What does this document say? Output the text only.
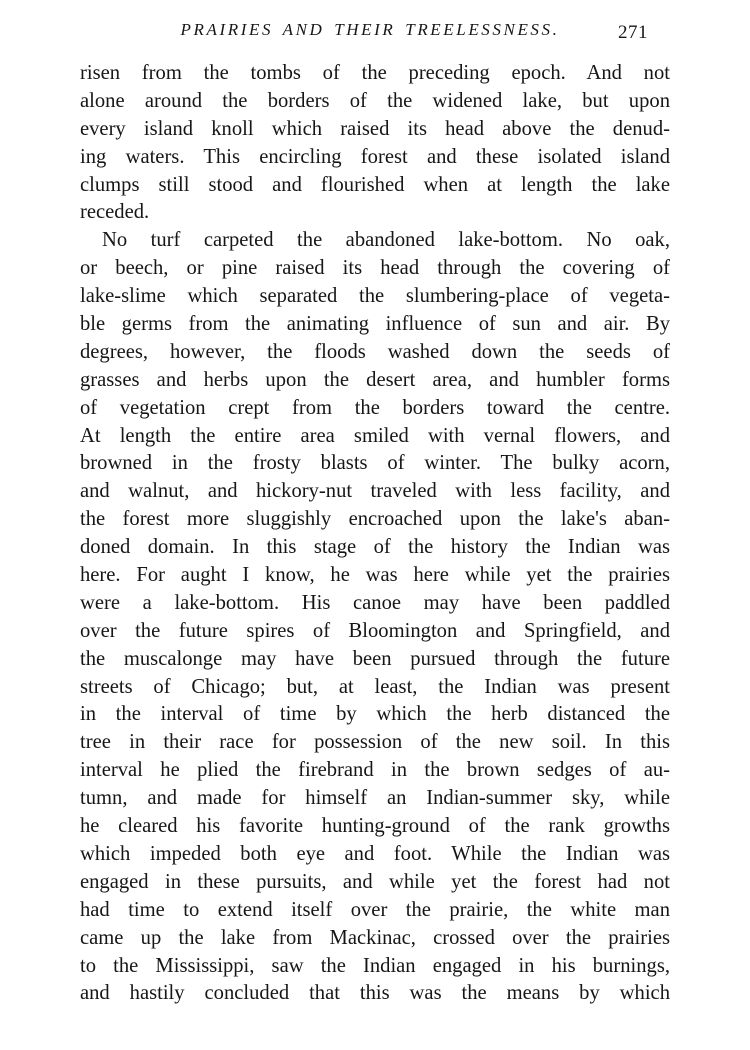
PRAIRIES AND THEIR TREELESSNESS.	271
risen from the tombs of the preceding epoch. And not
alone around the borders of the widened lake, but upon
every island knoll which raised its head above the denud-
ing waters. This encircling forest and these isolated island
clumps still stood and flourished when at length the lake
receded.
No turf carpeted the abandoned lake-bottom. No oak,
or beech, or pine raised its head through the covering of
lake-slime which separated the slumbering-place of vegeta-
ble germs from the animating influence of sun and air. By
degrees, however, the floods washed down the seeds of
grasses and herbs upon the desert area, and humbler forms
of vegetation crept from the borders toward the centre.
At length the entire area smiled with vernal flowers, and
browned in the frosty blasts of winter. The bulky acorn,
and walnut, and hickory-nut traveled with less facility, and
the forest more sluggishly encroached upon the lake's aban-
doned domain. In this stage of the history the Indian was
here. For aught I know, he was here while yet the prairies
were a lake-bottom. His canoe may have been paddled
over the future spires of Bloomington and Springfield, and
the muscalonge may have been pursued through the future
streets of Chicago; but, at least, the Indian was present
in the interval of time by which the herb distanced the
tree in their race for possession of the new soil. In this
interval he plied the firebrand in the brown sedges of au-
tumn, and made for himself an Indian-summer sky, while
he cleared his favorite hunting-ground of the rank growths
which impeded both eye and foot. While the Indian was
engaged in these pursuits, and while yet the forest had not
had time to extend itself over the prairie, the white man
came up the lake from Mackinac, crossed over the prairies
to the Mississippi, saw the Indian engaged in his burnings,
and hastily concluded that this was the means by which
